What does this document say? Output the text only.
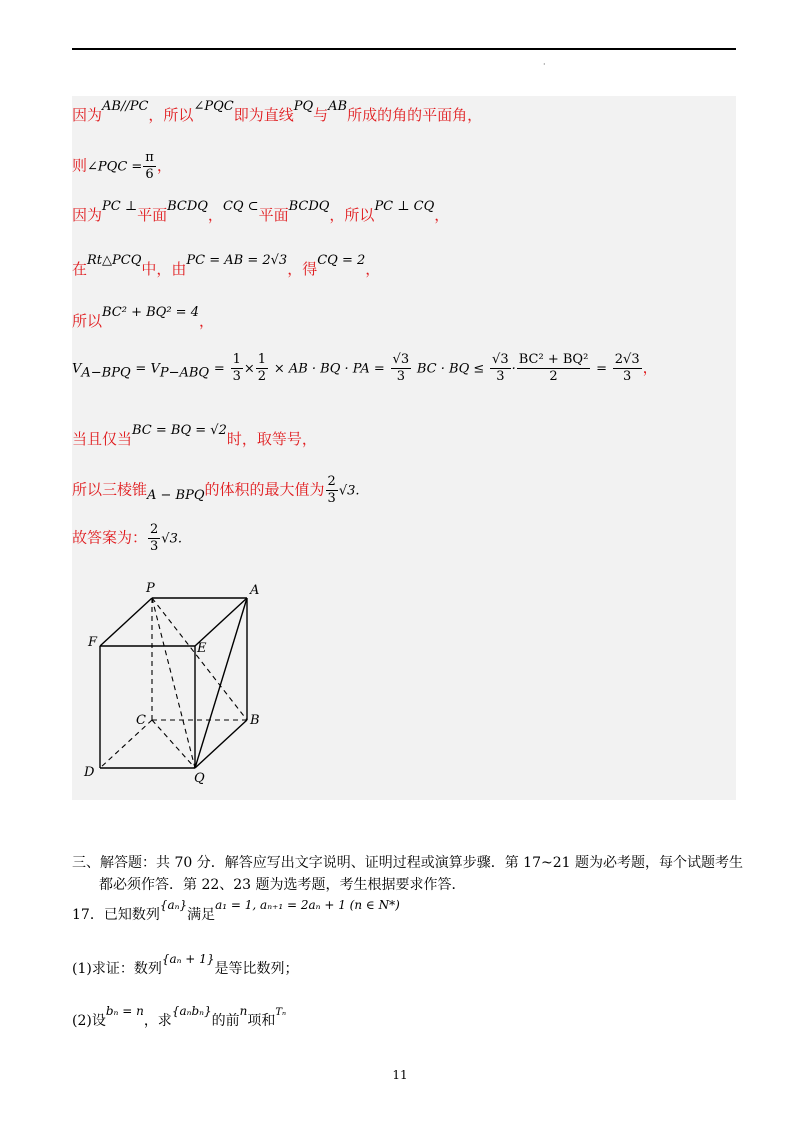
·
因为AB//PC，所以∠PQC即为直线PQ与AB所成的角的平面角，
则∠PQC = $\frac{\pi}{6}$ ，
因为PC ⊥平面BCDQ，CQ ⊂平面BCDQ，所以PC ⊥ CQ，
在Rt△PCQ中，由PC = AB = 2√3，得CQ = 2，
所以BC² + BQ² = 4，
$V_{A-BPQ} = V_{P-ABQ} = \frac{1}{3} \times \frac{1}{2}$ × AB · BQ · PA = $\frac{√3}{3}$ BC · BQ ≤ $\frac{√3}{3} \cdot \frac{\text{BC² + BQ²}}{2} = \frac{2√3}{3}$ ，
当且仅当BC = BQ = √2时，取等号，
所以三棱锥A − BPQ的体积的最大值为 $\frac{2}{3} √3$.
故答案为： $\frac{2}{3} √3$.
P	A
F	E
C	B
D	Q
三、解答题：共 70 分．解答应写出文字说明、证明过程或演算步骤．第 17~21 题为必考题，每个试题考生
都必须作答．第 22、23 题为选考题，考生根据要求作答．
17．已知数列{aₙ}满足a₁ = 1, aₙ₊₁ = 2aₙ + 1 (n ∈ N*)
(1)求证：数列{aₙ + 1}是等比数列；
(2)设bₙ = n，求{aₙbₙ}的前n项和$^{T_n}$
11
